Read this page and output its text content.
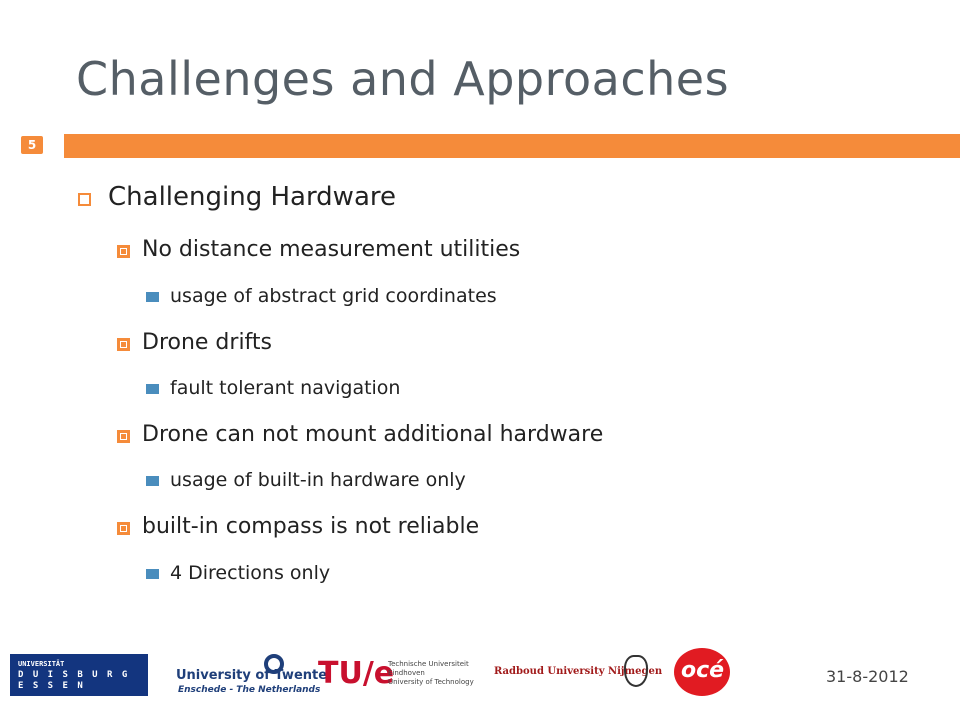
Challenges and Approaches
5
Challenging Hardware
No distance measurement utilities
usage of abstract grid coordinates
Drone drifts
fault tolerant navigation
Drone can not mount additional hardware
usage of built-in hardware only
built-in compass is not reliable
4 Directions only
UNIVERSITÄT
D U I S B U R G
E S S E N
University of Twente
Enschede - The Netherlands
TU/e
Technische Universiteit
Eindhoven
University of Technology
Radboud University Nijmegen océ	31-8-2012
